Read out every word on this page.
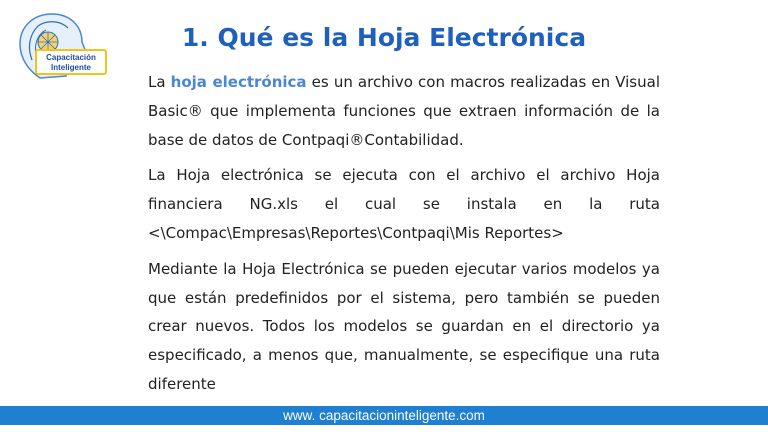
Capacitación
Inteligente
1. Qué es la Hoja Electrónica

La hoja electrónica es un archivo con macros realizadas en Visual Basic® que implementa funciones que extraen información de la base de datos de Contpaqi®Contabilidad.

La Hoja electrónica se ejecuta con el archivo el archivo Hoja financiera NG.xls el cual se instala en la ruta <\Compac\Empresas\Reportes\Contpaqi\Mis Reportes>

Mediante la Hoja Electrónica se pueden ejecutar varios modelos ya que están predefinidos por el sistema, pero también se pueden crear nuevos. Todos los modelos se guardan en el directorio ya especificado, a menos que, manualmente, se especifique una ruta diferente

www. capacitacioninteligente.com
